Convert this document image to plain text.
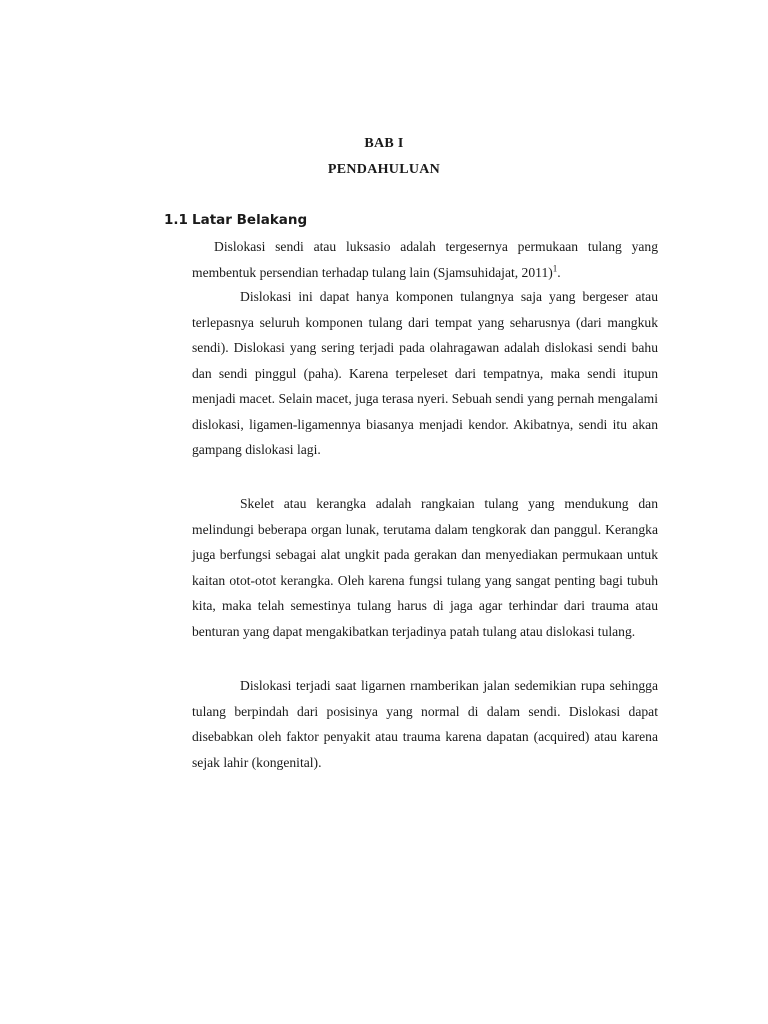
BAB I
PENDAHULUAN
1.1 Latar Belakang

Dislokasi sendi atau luksasio adalah tergesernya permukaan tulang yang membentuk persendian terhadap tulang lain (Sjamsuhidajat, 2011)$^1$.

Dislokasi ini dapat hanya komponen tulangnya saja yang bergeser atau terlepasnya seluruh komponen tulang dari tempat yang seharusnya (dari mangkuk sendi). Dislokasi yang sering terjadi pada olahragawan adalah dislokasi sendi bahu dan sendi pinggul (paha). Karena terpeleset dari tempatnya, maka sendi itupun menjadi macet. Selain macet, juga terasa nyeri. Sebuah sendi yang pernah mengalami dislokasi, ligamen-ligamennya biasanya menjadi kendor. Akibatnya, sendi itu akan gampang dislokasi lagi.

Skelet atau kerangka adalah rangkaian tulang yang mendukung dan melindungi beberapa organ lunak, terutama dalam tengkorak dan panggul. Kerangka juga berfungsi sebagai alat ungkit pada gerakan dan menyediakan permukaan untuk kaitan otot-otot kerangka. Oleh karena fungsi tulang yang sangat penting bagi tubuh kita, maka telah semestinya tulang harus di jaga agar terhindar dari trauma atau benturan yang dapat mengakibatkan terjadinya patah tulang atau dislokasi tulang.

Dislokasi terjadi saat ligarnen rnamberikan jalan sedemikian rupa sehingga tulang berpindah dari posisinya yang normal di dalam sendi. Dislokasi dapat disebabkan oleh faktor penyakit atau trauma karena dapatan (acquired) atau karena sejak lahir (kongenital).
